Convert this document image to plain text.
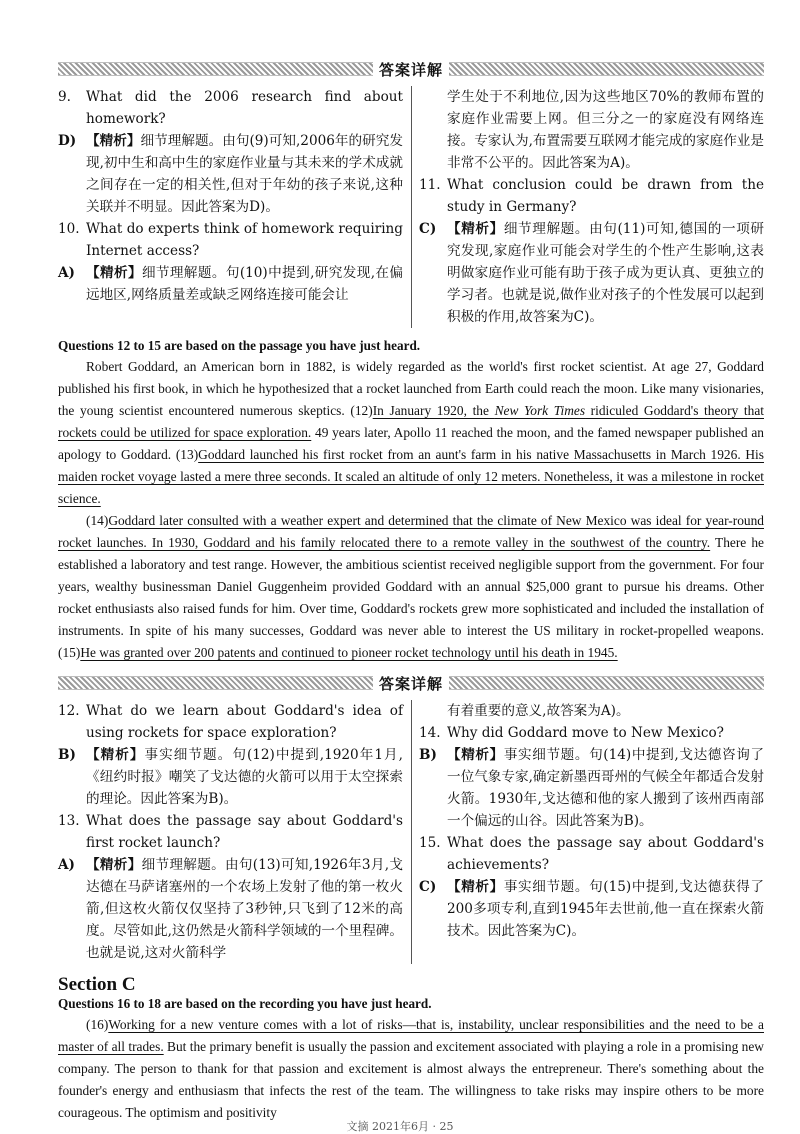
答案详解
9.	What did the 2006 research find about homework?
D) 【精析】细节理解题。由句(9)可知,2006年的研究发现,初中生和高中生的家庭作业量与其未来的学术成就之间存在一定的相关性,但对于年幼的孩子来说,这种关联并不明显。因此答案为D)。
10. What do experts think of homework requiring Internet access?
A) 【精析】细节理解题。句(10)中提到,研究发现,在偏远地区,网络质量差或缺乏网络连接可能会让
学生处于不利地位,因为这些地区70%的教师布置的家庭作业需要上网。但三分之一的家庭没有网络连接。专家认为,布置需要互联网才能完成的家庭作业是非常不公平的。因此答案为A)。
11. What conclusion could be drawn from the study in Germany?
C) 【精析】细节理解题。由句(11)可知,德国的一项研究发现,家庭作业可能会对学生的个性产生影响,这表明做家庭作业可能有助于孩子成为更认真、更独立的学习者。也就是说,做作业对孩子的个性发展可以起到积极的作用,故答案为C)。
Questions 12 to 15 are based on the passage you have just heard.

Robert Goddard, an American born in 1882, is widely regarded as the world's first rocket scientist. At age 27, Goddard published his first book, in which he hypothesized that a rocket launched from Earth could reach the moon. Like many visionaries, the young scientist encountered numerous skeptics. (12)In January 1920, the New York Times ridiculed Goddard's theory that rockets could be utilized for space exploration. 49 years later, Apollo 11 reached the moon, and the famed newspaper published an apology to Goddard. (13)Goddard launched his first rocket from an aunt's farm in his native Massachusetts in March 1926. His maiden rocket voyage lasted a mere three seconds. It scaled an altitude of only 12 meters. Nonetheless, it was a milestone in rocket science.

(14)Goddard later consulted with a weather expert and determined that the climate of New Mexico was ideal for year-round rocket launches. In 1930, Goddard and his family relocated there to a remote valley in the southwest of the country. There he established a laboratory and test range. However, the ambitious scientist received negligible support from the government. For four years, wealthy businessman Daniel Guggenheim provided Goddard with an annual $25,000 grant to pursue his dreams. Other rocket enthusiasts also raised funds for him. Over time, Goddard's rockets grew more sophisticated and included the installation of instruments. In spite of his many successes, Goddard was never able to interest the US military in rocket-propelled weapons. (15)He was granted over 200 patents and continued to pioneer rocket technology until his death in 1945.

答案详解
12. What do we learn about Goddard's idea of using rockets for space exploration?
B) 【精析】事实细节题。句(12)中提到,1920年1月,《纽约时报》嘲笑了戈达德的火箭可以用于太空探索的理论。因此答案为B)。
13. What does the passage say about Goddard's first rocket launch?
A) 【精析】细节理解题。由句(13)可知,1926年3月,戈达德在马萨诸塞州的一个农场上发射了他的第一枚火箭,但这枚火箭仅仅坚持了3秒钟,只飞到了12米的高度。尽管如此,这仍然是火箭科学领域的一个里程碑。也就是说,这对火箭科学
有着重要的意义,故答案为A)。
14. Why did Goddard move to New Mexico?
B) 【精析】事实细节题。句(14)中提到,戈达德咨询了一位气象专家,确定新墨西哥州的气候全年都适合发射火箭。1930年,戈达德和他的家人搬到了该州西南部一个偏远的山谷。因此答案为B)。
15. What does the passage say about Goddard's achievements?
C) 【精析】事实细节题。句(15)中提到,戈达德获得了200多项专利,直到1945年去世前,他一直在探索火箭技术。因此答案为C)。
Section C
Questions 16 to 18 are based on the recording you have just heard.

(16)Working for a new venture comes with a lot of risks—that is, instability, unclear responsibilities and the need to be a master of all trades. But the primary benefit is usually the passion and excitement associated with playing a role in a promising new company. The person to thank for that passion and excitement is almost always the entrepreneur. There's something about the founder's energy and enthusiasm that infects the rest of the team. The willingness to take risks may inspire others to be more courageous. The optimism and positivity

文摘 2021年6月 · 25
